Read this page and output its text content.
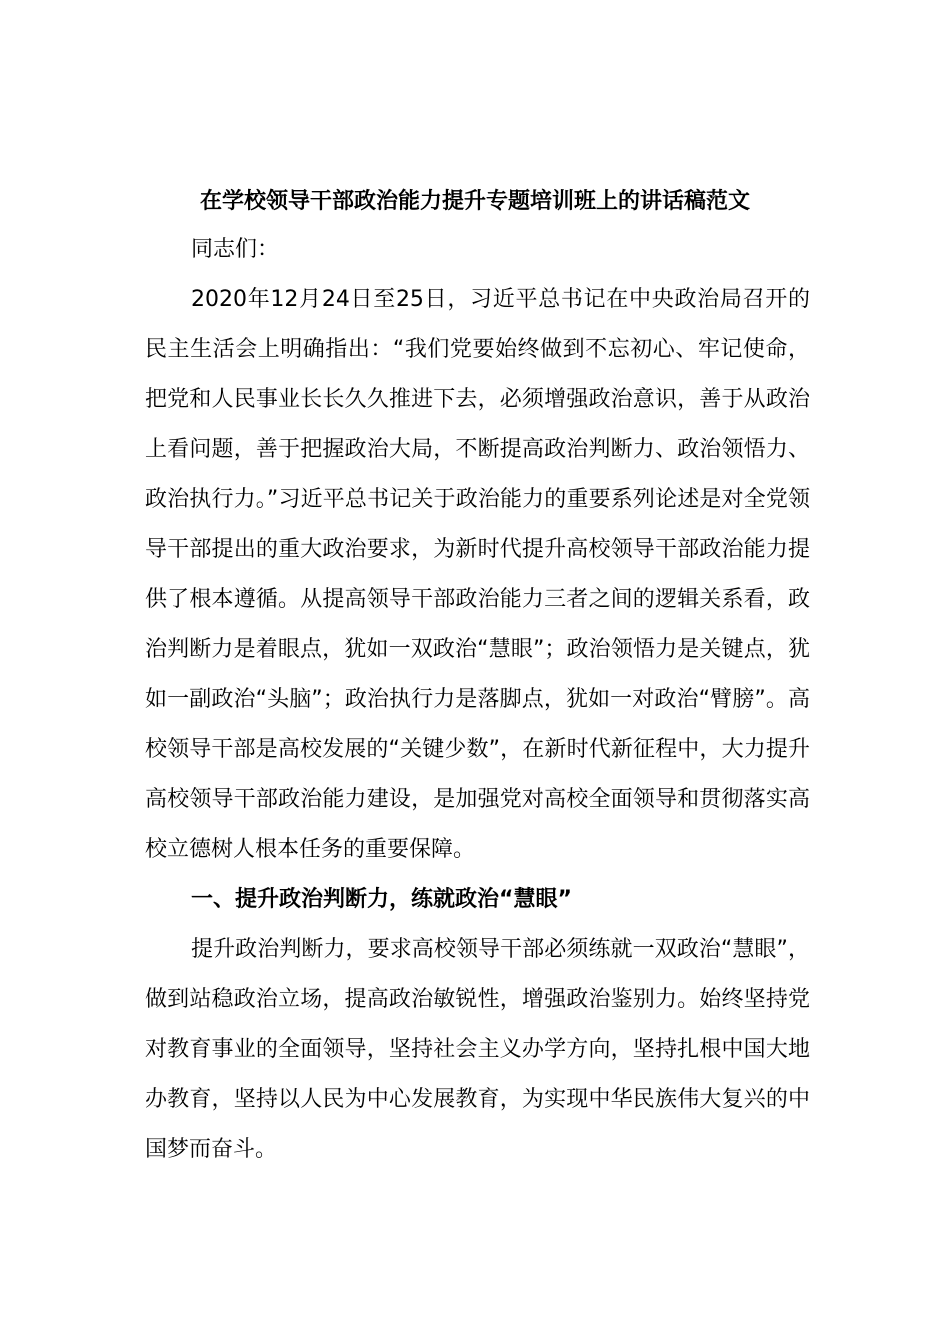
在学校领导干部政治能力提升专题培训班上的讲话稿范文

同志们：

2020年12月24日至25日，习近平总书记在中央政治局召开的民主生活会上明确指出：“我们党要始终做到不忘初心、牢记使命，把党和人民事业长长久久推进下去，必须增强政治意识，善于从政治上看问题，善于把握政治大局，不断提高政治判断力、政治领悟力、政治执行力。”习近平总书记关于政治能力的重要系列论述是对全党领导干部提出的重大政治要求，为新时代提升高校领导干部政治能力提供了根本遵循。从提高领导干部政治能力三者之间的逻辑关系看，政治判断力是着眼点，犹如一双政治“慧眼”；政治领悟力是关键点，犹如一副政治“头脑”；政治执行力是落脚点，犹如一对政治“臂膀”。高校领导干部是高校发展的“关键少数”，在新时代新征程中，大力提升高校领导干部政治能力建设，是加强党对高校全面领导和贯彻落实高校立德树人根本任务的重要保障。

一、提升政治判断力，练就政治“慧眼”

提升政治判断力，要求高校领导干部必须练就一双政治“慧眼”，做到站稳政治立场，提高政治敏锐性，增强政治鉴别力。始终坚持党对教育事业的全面领导，坚持社会主义办学方向，坚持扎根中国大地办教育，坚持以人民为中心发展教育，为实现中华民族伟大复兴的中国梦而奋斗。
